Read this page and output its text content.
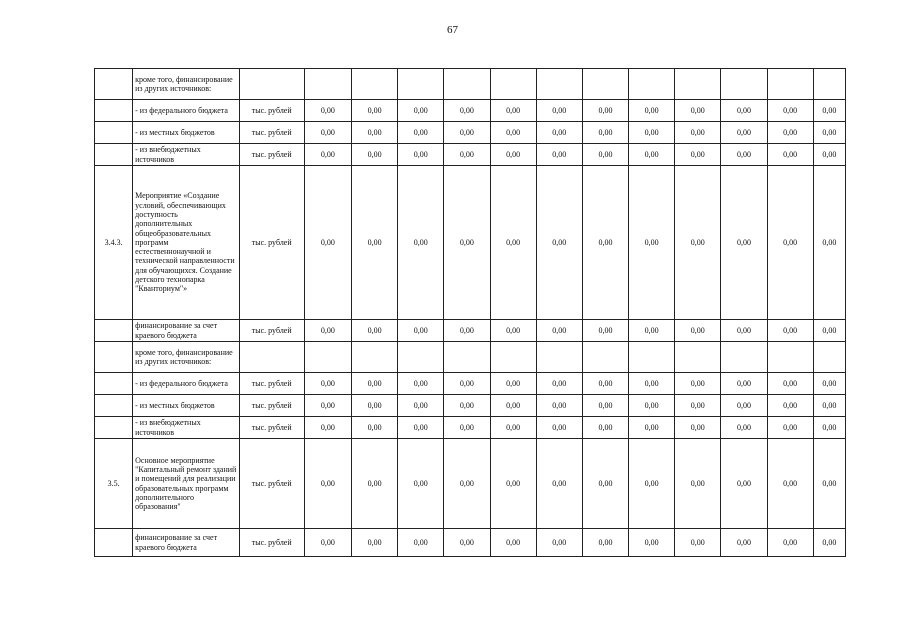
67
	кроме того, финансирование из других источников:													
	- из федерального бюджета	тыс. рублей	0,00	0,00	0,00	0,00	0,00	0,00	0,00	0,00	0,00	0,00	0,00	0,00
	- из местных бюджетов	тыс. рублей	0,00	0,00	0,00	0,00	0,00	0,00	0,00	0,00	0,00	0,00	0,00	0,00
	- из внебюджетных источников	тыс. рублей	0,00	0,00	0,00	0,00	0,00	0,00	0,00	0,00	0,00	0,00	0,00	0,00
3.4.3.	Мероприятие «Создание условий, обеспечивающих доступность дополнительных общеобразовательных программ естественнонаучной и технической направленности для обучающихся. Создание детского технопарка "Кванториум"»	тыс. рублей	0,00	0,00	0,00	0,00	0,00	0,00	0,00	0,00	0,00	0,00	0,00	0,00
	финансирование за счет краевого бюджета	тыс. рублей	0,00	0,00	0,00	0,00	0,00	0,00	0,00	0,00	0,00	0,00	0,00	0,00
	кроме того, финансирование из других источников:													
	- из федерального бюджета	тыс. рублей	0,00	0,00	0,00	0,00	0,00	0,00	0,00	0,00	0,00	0,00	0,00	0,00
	- из местных бюджетов	тыс. рублей	0,00	0,00	0,00	0,00	0,00	0,00	0,00	0,00	0,00	0,00	0,00	0,00
	- из внебюджетных источников	тыс. рублей	0,00	0,00	0,00	0,00	0,00	0,00	0,00	0,00	0,00	0,00	0,00	0,00
3.5.	Основное мероприятие "Капитальный ремонт зданий и помещений для реализации образовательных программ дополнительного образования"	тыс. рублей	0,00	0,00	0,00	0,00	0,00	0,00	0,00	0,00	0,00	0,00	0,00	0,00
	финансирование за счет краевого бюджета	тыс. рублей	0,00	0,00	0,00	0,00	0,00	0,00	0,00	0,00	0,00	0,00	0,00	0,00
